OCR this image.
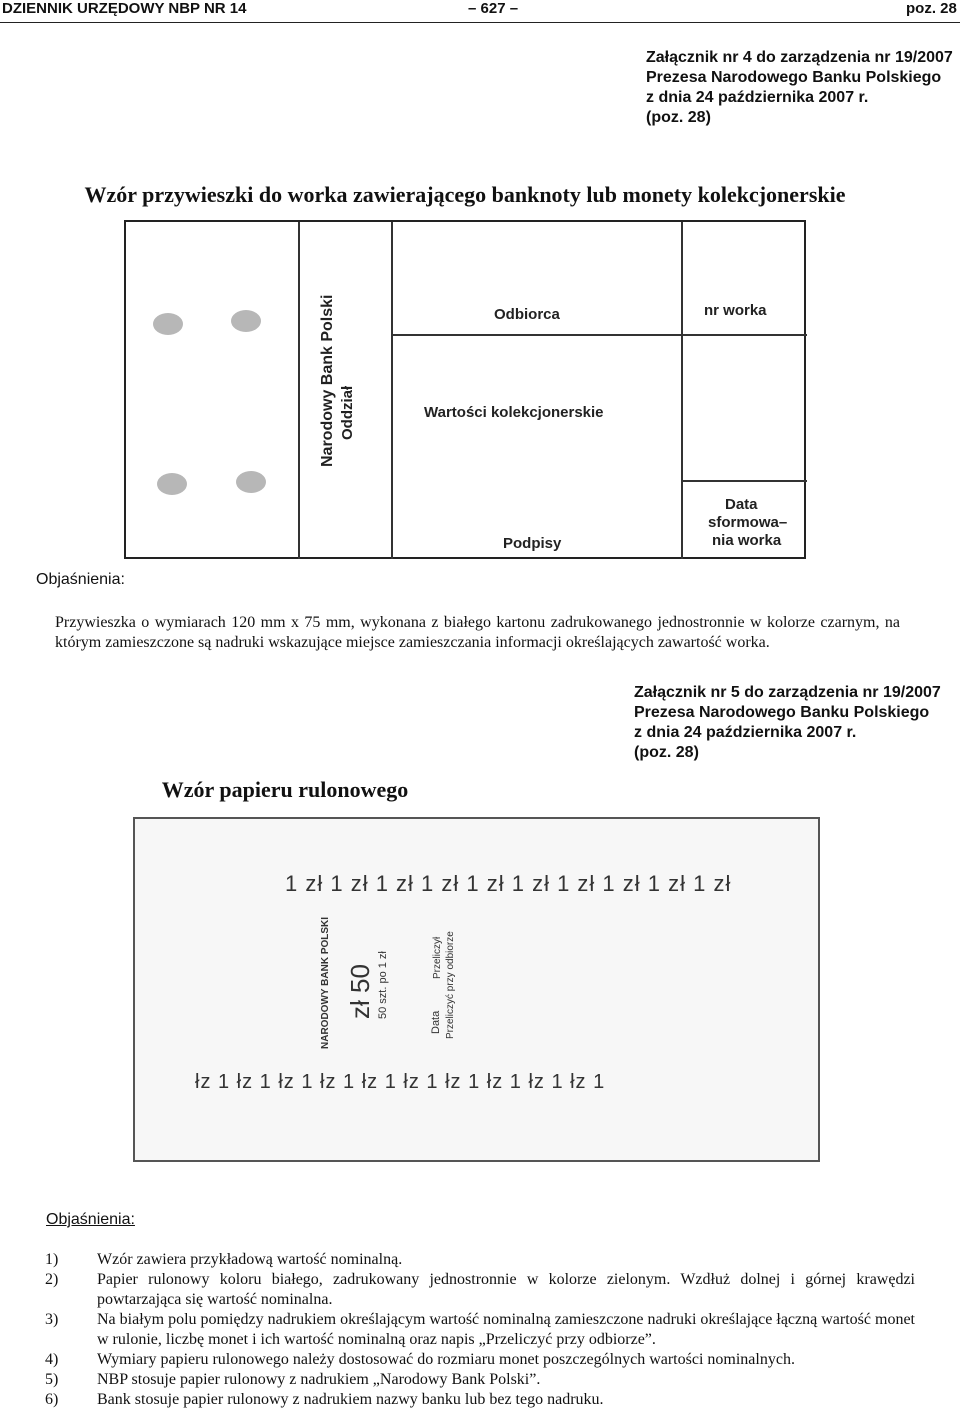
DZIENNIK URZĘDOWY NBP NR 14	– 627 –	poz. 28
Załącznik nr 4 do zarządzenia nr 19/2007
Prezesa Narodowego Banku Polskiego
z dnia 24 października 2007 r.
(poz. 28)
Wzór przywieszki do worka zawierającego banknoty lub monety kolekcjonerskie
Narodowy Bank Polski Oddział
Odbiorca	nr worka
Wartości kolekcjonerskie
Data
sformowa–
nia worka
Podpisy
Objaśnienia:
Przywieszka o wymiarach 120 mm x 75 mm, wykonana z białego kartonu zadrukowanego jednostronnie w kolorze czarnym, na którym zamieszczone są nadruki wskazujące miejsce zamieszczania informacji określających zawartość worka.
Załącznik nr 5 do zarządzenia nr 19/2007
Prezesa Narodowego Banku Polskiego
z dnia 24 października 2007 r.
(poz. 28)
Wzór papieru rulonowego
1 zł 1 zł 1 zł 1 zł 1 zł 1 zł 1 zł 1 zł 1 zł 1 zł
NARODOWY BANK POLSKI zł 50 50 szt. po 1 zł
Data Przeliczyć przy odbiorze
Przeliczył
łz 1 łz 1 łz 1 łz 1 łz 1 łz 1 łz 1 łz 1 łz 1 łz 1
Objaśnienia:
1) Wzór zawiera przykładową wartość nominalną.
2) Papier rulonowy koloru białego, zadrukowany jednostronnie w kolorze zielonym. Wzdłuż dolnej i górnej krawędzi powtarzająca się wartość nominalna.
3) Na białym polu pomiędzy nadrukiem określającym wartość nominalną zamieszczone nadruki określające łączną wartość monet w rulonie, liczbę monet i ich wartość nominalną oraz napis „Przeliczyć przy odbiorze”.
4) Wymiary papieru rulonowego należy dostosować do rozmiaru monet poszczególnych wartości nominalnych.
5) NBP stosuje papier rulonowy z nadrukiem „Narodowy Bank Polski”.
6) Bank stosuje papier rulonowy z nadrukiem nazwy banku lub bez tego nadruku.
